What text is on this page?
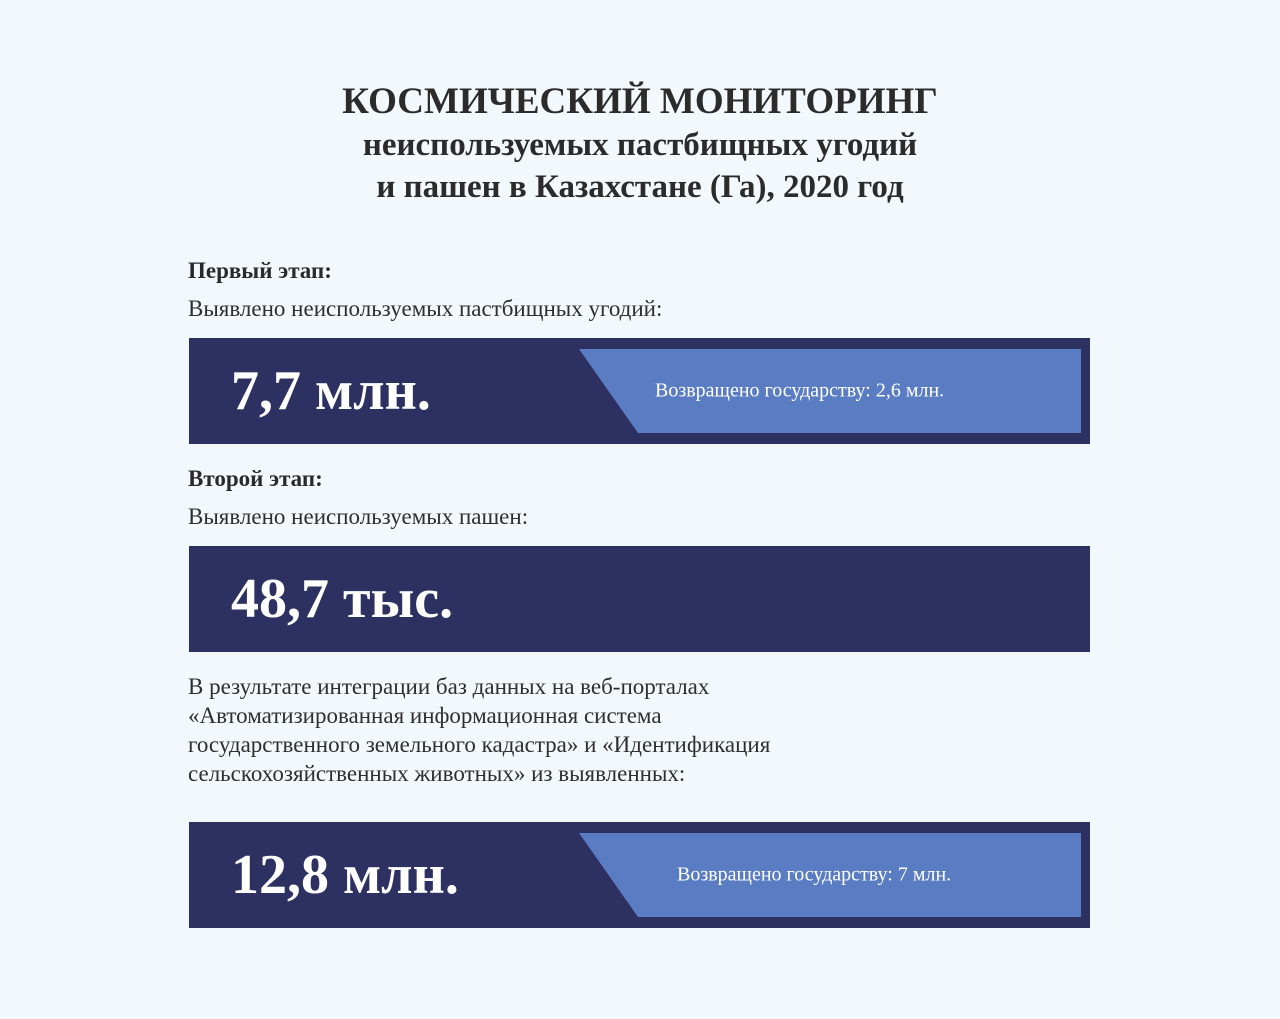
КОСМИЧЕСКИЙ МОНИТОРИНГ
неиспользуемых пастбищных угодий
и пашен в Казахстане (Га), 2020 год
Первый этап:
Выявлено неиспользуемых пастбищных угодий:
7,7 млн.	Возвращено государству: 2,6 млн.
Второй этап:
Выявлено неиспользуемых пашен:
48,7 тыс.
В результате интеграции баз данных на веб-порталах
«Автоматизированная информационная система
государственного земельного кадастра» и «Идентификация
сельскохозяйственных животных» из выявленных:
12,8 млн.	Возвращено государству: 7 млн.
